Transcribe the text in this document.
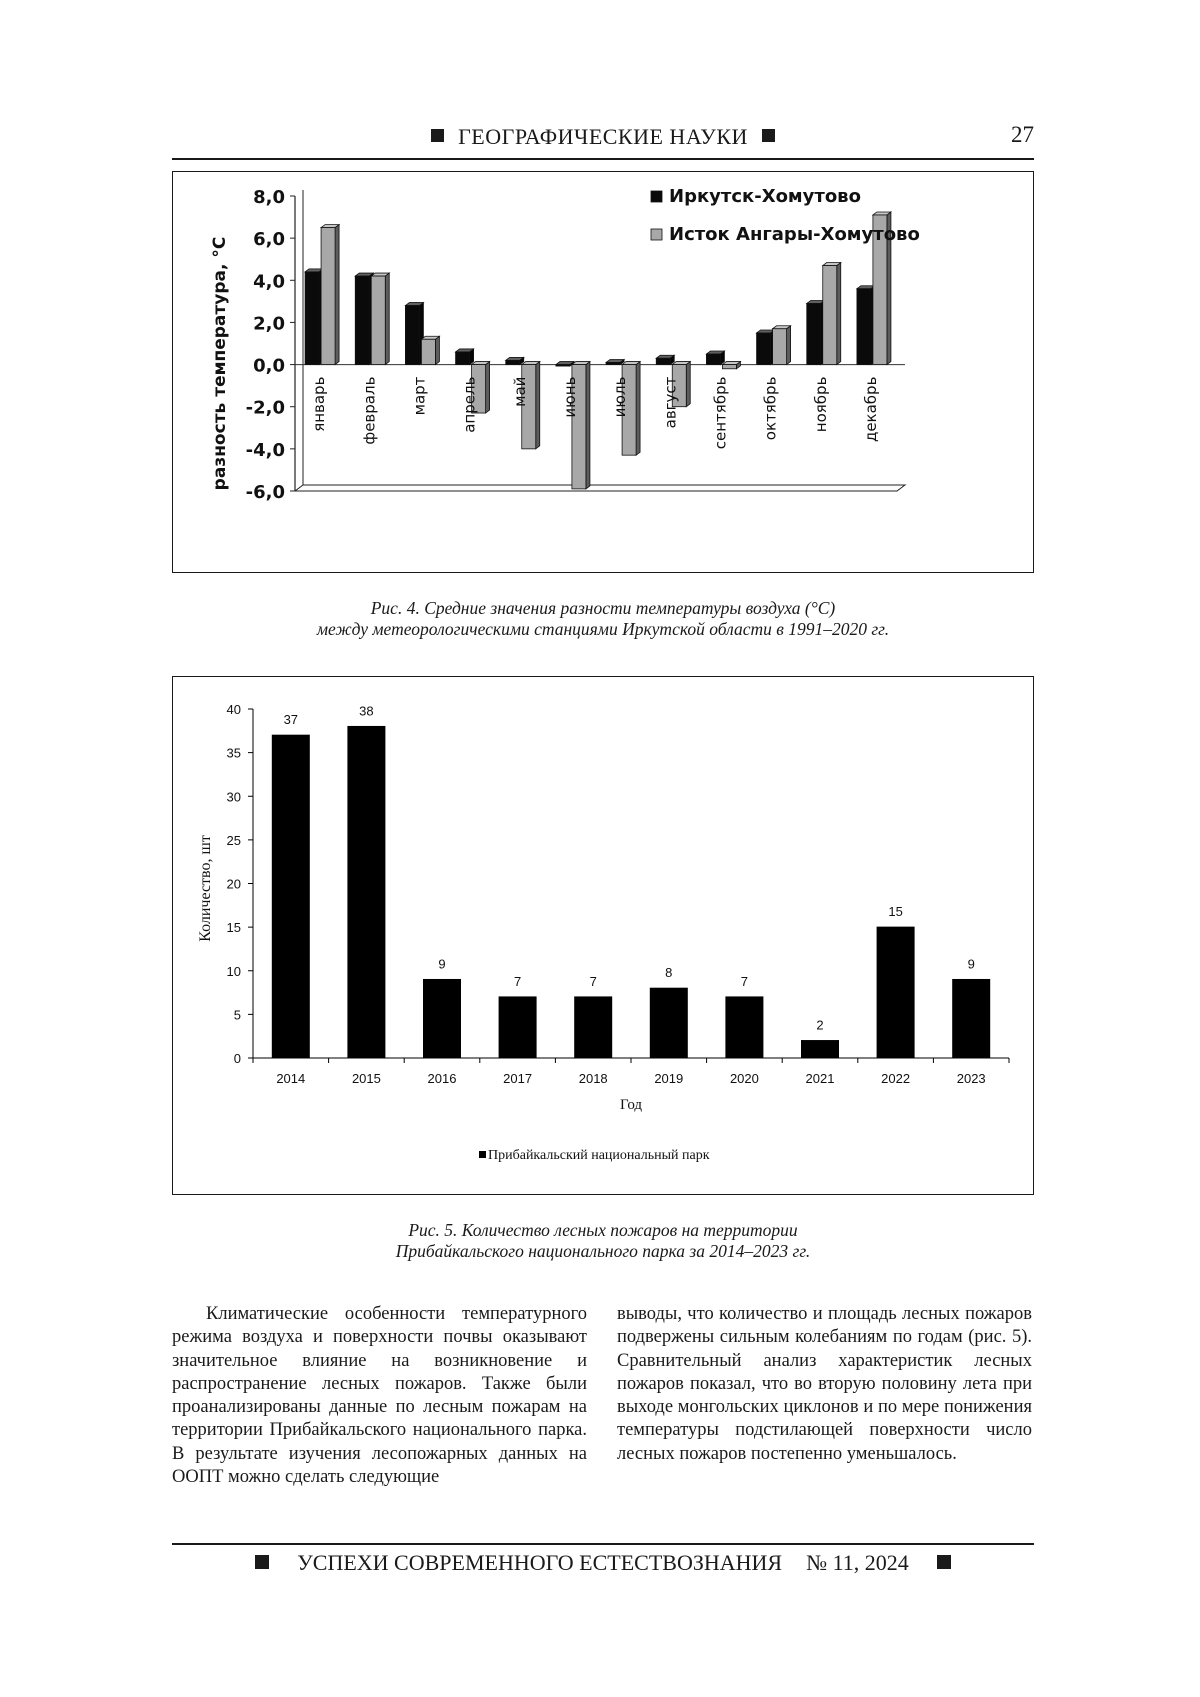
ГЕОГРАФИЧЕСКИЕ НАУКИ	27
8,0
6,0
4,0
2,0
0,0
-2,0
-4,0
-6,0
разность температура, °С	январь февраль март апрель май июнь июль август сентябрь октябрь ноябрь декабрь
Иркутск-Хомутово
Исток Ангары-Хомутово
Рис. 4. Средние значения разности температуры воздуха (°C)
между метеорологическими станциями Иркутской области в 1991–2020 гг.
0
5
10
15
20
25
30
35
40
Количество, шт
37
2014
38
2015
9
2016
7
2017
7
2018
8
2019
7
2020
2
2021
15
2022
9
2023
Год
Прибайкальский национальный парк
Рис. 5. Количество лесных пожаров на территории
Прибайкальского национального парка за 2014–2023 гг.
Климатические особенности температурного режима воздуха и поверхности почвы оказывают значительное влияние на возникновение и распространение лесных пожаров. Также были проанализированы данные по лесным пожарам на территории Прибайкальского национального парка. В результате изучения лесопожарных данных на ООПТ можно сделать следующие
выводы, что количество и площадь лесных пожаров подвержены сильным колебаниям по годам (рис. 5). Сравнительный анализ характеристик лесных пожаров показал, что во вторую половину лета при выходе монгольских циклонов и по мере понижения температуры подстилающей поверхности число лесных пожаров постепенно уменьшалось.
УСПЕХИ СОВРЕМЕННОГО ЕСТЕСТВОЗНАНИЯ № 11, 2024
